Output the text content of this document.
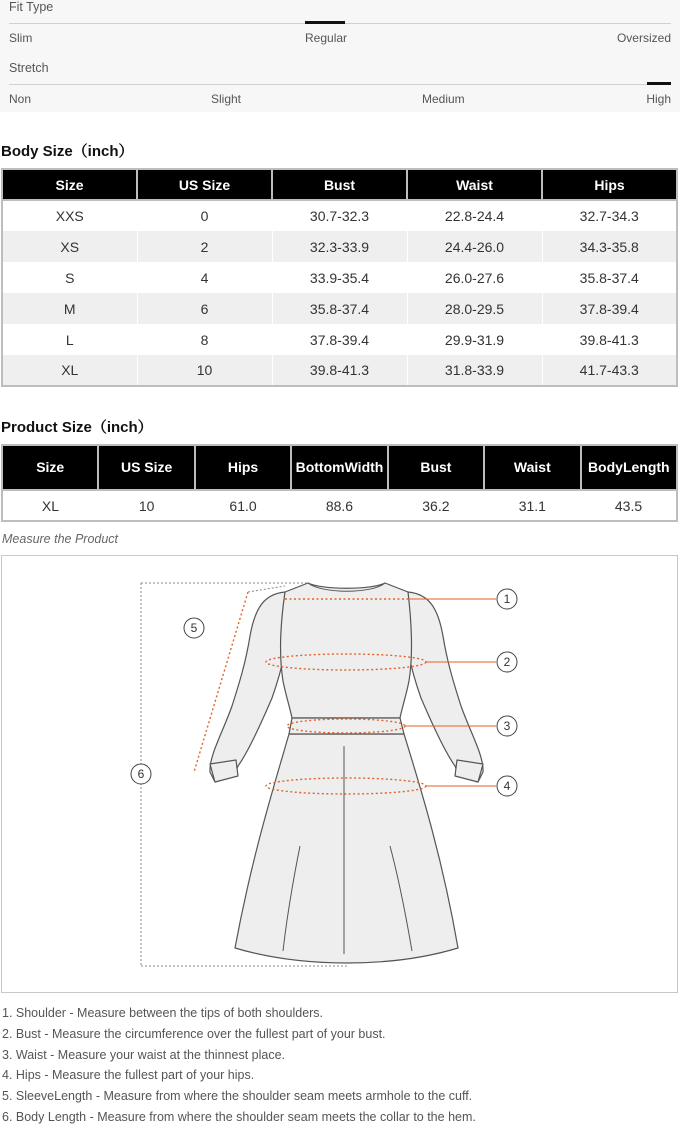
Fit Type
Slim	Regular	Oversized
Stretch
Non	Slight	Medium	High
Body Size（inch）
Size	US Size	Bust	Waist	Hips
XXS	0	30.7-32.3	22.8-24.4	32.7-34.3
XS	2	32.3-33.9	24.4-26.0	34.3-35.8
S	4	33.9-35.4	26.0-27.6	35.8-37.4
M	6	35.8-37.4	28.0-29.5	37.8-39.4
L	8	37.8-39.4	29.9-31.9	39.8-41.3
XL	10	39.8-41.3	31.8-33.9	41.7-43.3
Product Size（inch）
Size	US Size	Hips	BottomWidth	Bust	Waist	BodyLength
XL	10	61.0	88.6	36.2	31.1	43.5
Measure the Product
1
2
3
4
5
6
1. Shoulder - Measure between the tips of both shoulders.
2. Bust - Measure the circumference over the fullest part of your bust.
3. Waist - Measure your waist at the thinnest place.
4. Hips - Measure the fullest part of your hips.
5. SleeveLength - Measure from where the shoulder seam meets armhole to the cuff.
6. Body Length - Measure from where the shoulder seam meets the collar to the hem.
